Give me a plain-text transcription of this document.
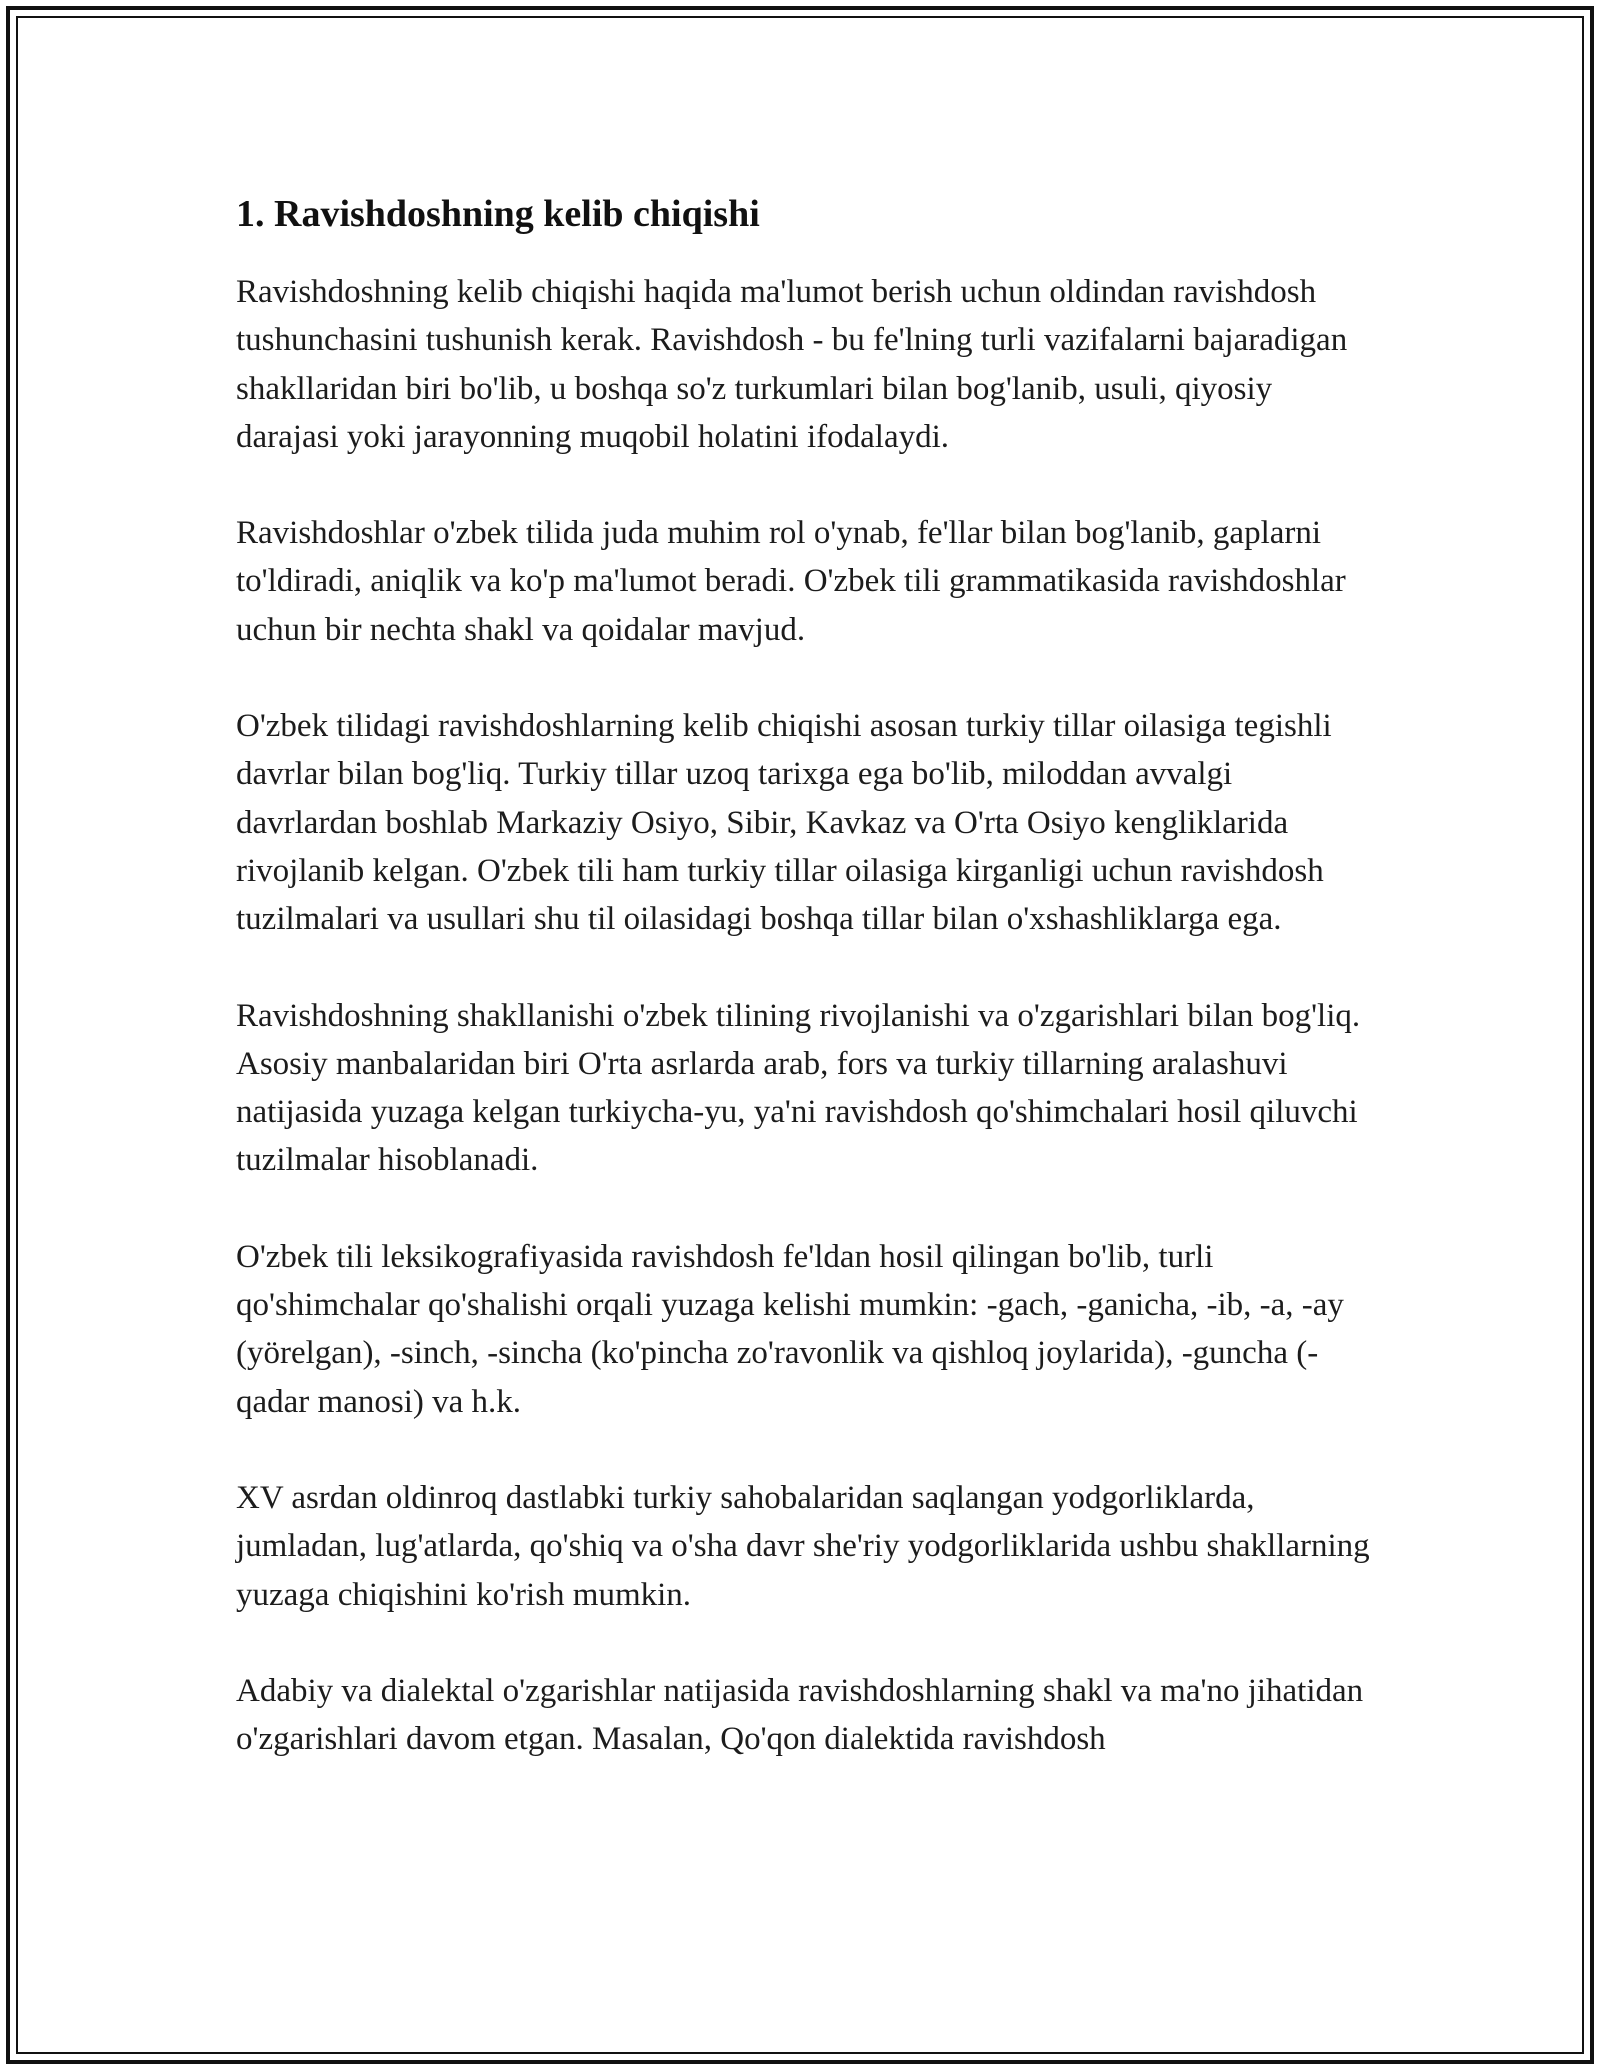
1. Ravishdoshning kelib chiqishi

Ravishdoshning kelib chiqishi haqida ma'lumot berish uchun oldindan ravishdosh tushunchasini tushunish kerak. Ravishdosh - bu fe'lning turli vazifalarni bajaradigan shakllaridan biri bo'lib, u boshqa so'z turkumlari bilan bog'lanib, usuli, qiyosiy darajasi yoki jarayonning muqobil holatini ifodalaydi.

Ravishdoshlar o'zbek tilida juda muhim rol o'ynab, fe'llar bilan bog'lanib, gaplarni to'ldiradi, aniqlik va ko'p ma'lumot beradi. O'zbek tili grammatikasida ravishdoshlar uchun bir nechta shakl va qoidalar mavjud.

O'zbek tilidagi ravishdoshlarning kelib chiqishi asosan turkiy tillar oilasiga tegishli davrlar bilan bog'liq. Turkiy tillar uzoq tarixga ega bo'lib, miloddan avvalgi davrlardan boshlab Markaziy Osiyo, Sibir, Kavkaz va O'rta Osiyo kengliklarida rivojlanib kelgan. O'zbek tili ham turkiy tillar oilasiga kirganligi uchun ravishdosh tuzilmalari va usullari shu til oilasidagi boshqa tillar bilan o'xshashliklarga ega.

Ravishdoshning shakllanishi o'zbek tilining rivojlanishi va o'zgarishlari bilan bog'liq. Asosiy manbalaridan biri O'rta asrlarda arab, fors va turkiy tillarning aralashuvi natijasida yuzaga kelgan turkiycha-yu, ya'ni ravishdosh qo'shimchalari hosil qiluvchi tuzilmalar hisoblanadi.

O'zbek tili leksikografiyasida ravishdosh fe'ldan hosil qilingan bo'lib, turli qo'shimchalar qo'shalishi orqali yuzaga kelishi mumkin: -gach, -ganicha, -ib, -a, -ay (yörelgan), -sinch, -sincha (ko'pincha zo'ravonlik va qishloq joylarida), -guncha (-qadar manosi) va h.k.

XV asrdan oldinroq dastlabki turkiy sahobalaridan saqlangan yodgorliklarda, jumladan, lug'atlarda, qo'shiq va o'sha davr she'riy yodgorliklarida ushbu shakllarning yuzaga chiqishini ko'rish mumkin.

Adabiy va dialektal o'zgarishlar natijasida ravishdoshlarning shakl va ma'no jihatidan o'zgarishlari davom etgan. Masalan, Qo'qon dialektida ravishdosh
